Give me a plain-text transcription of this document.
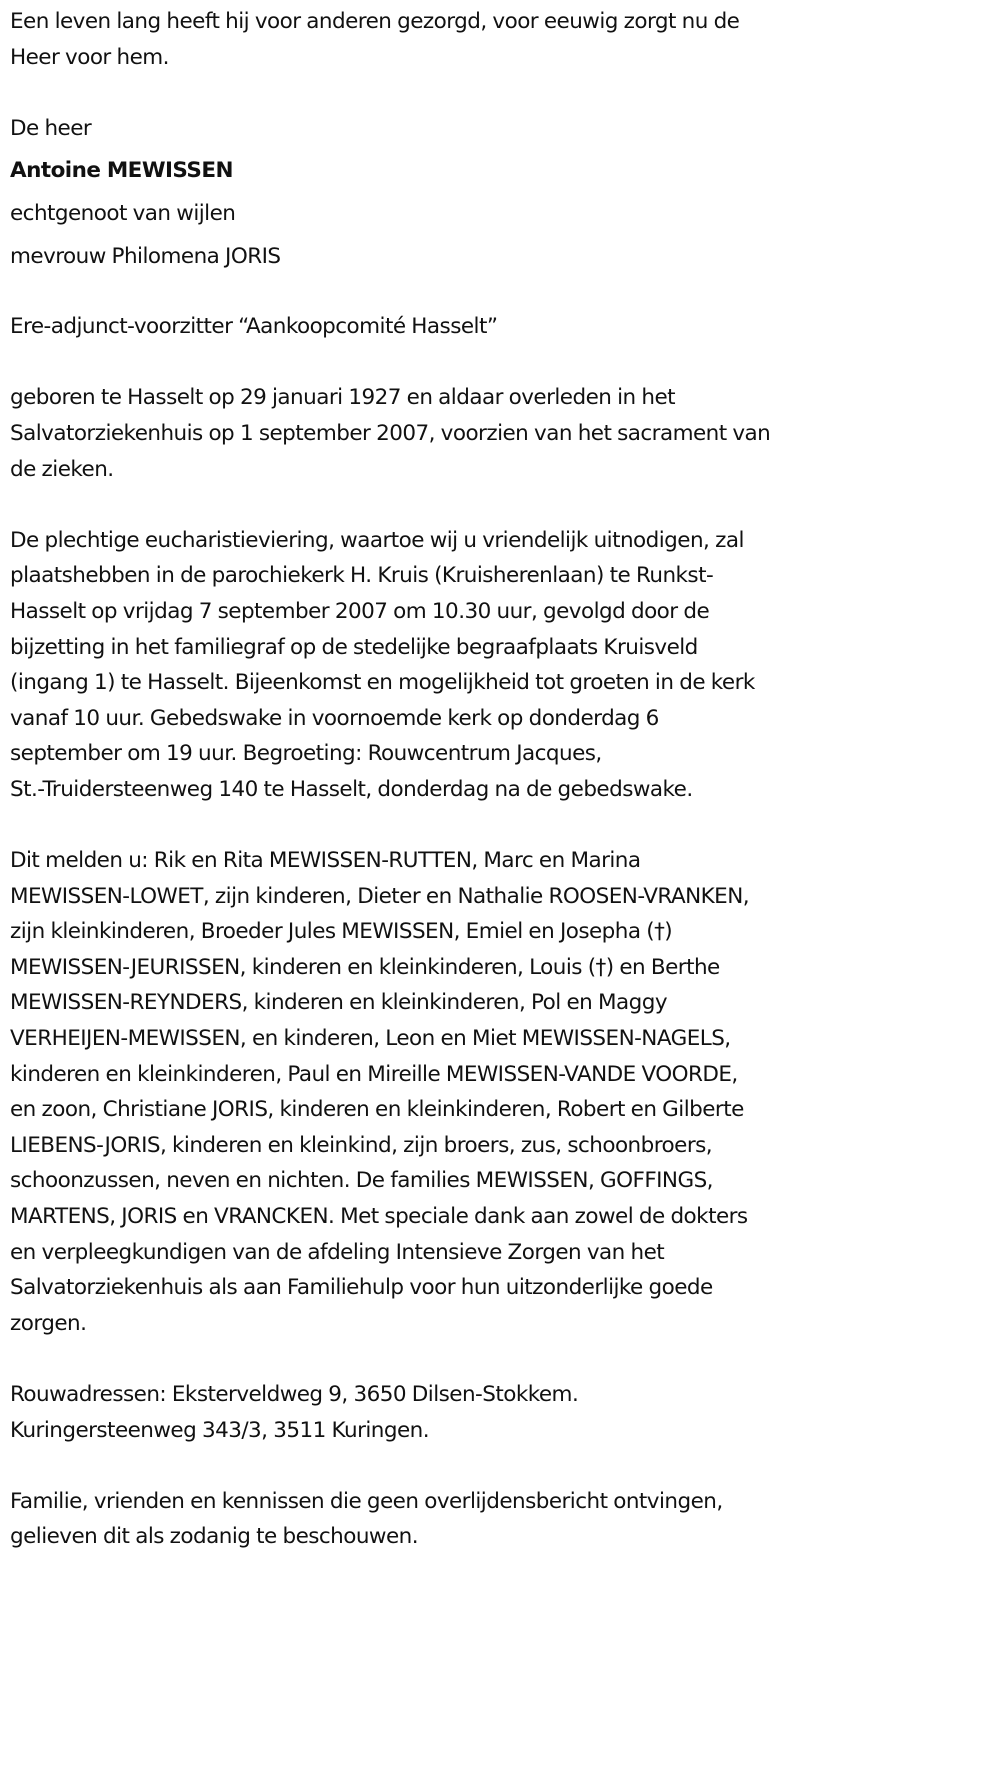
Een leven lang heeft hij voor anderen gezorgd, voor eeuwig zorgt nu de
Heer voor hem.

De heer
Antoine MEWISSEN
echtgenoot van wijlen
mevrouw Philomena JORIS

Ere-adjunct-voorzitter “Aankoopcomité Hasselt”

geboren te Hasselt op 29 januari 1927 en aldaar overleden in het
Salvatorziekenhuis op 1 september 2007, voorzien van het sacrament van
de zieken.

De plechtige eucharistieviering, waartoe wij u vriendelijk uitnodigen, zal
plaatshebben in de parochiekerk H. Kruis (Kruisherenlaan) te Runkst-
Hasselt op vrijdag 7 september 2007 om 10.30 uur, gevolgd door de
bijzetting in het familiegraf op de stedelijke begraafplaats Kruisveld
(ingang 1) te Hasselt. Bijeenkomst en mogelijkheid tot groeten in de kerk
vanaf 10 uur. Gebedswake in voornoemde kerk op donderdag 6
september om 19 uur. Begroeting: Rouwcentrum Jacques,
St.-Truidersteenweg 140 te Hasselt, donderdag na de gebedswake.

Dit melden u: Rik en Rita MEWISSEN-RUTTEN, Marc en Marina
MEWISSEN-LOWET, zijn kinderen, Dieter en Nathalie ROOSEN-VRANKEN,
zijn kleinkinderen, Broeder Jules MEWISSEN, Emiel en Josepha (†)
MEWISSEN-JEURISSEN, kinderen en kleinkinderen, Louis (†) en Berthe
MEWISSEN-REYNDERS, kinderen en kleinkinderen, Pol en Maggy
VERHEIJEN-MEWISSEN, en kinderen, Leon en Miet MEWISSEN-NAGELS,
kinderen en kleinkinderen, Paul en Mireille MEWISSEN-VANDE VOORDE,
en zoon, Christiane JORIS, kinderen en kleinkinderen, Robert en Gilberte
LIEBENS-JORIS, kinderen en kleinkind, zijn broers, zus, schoonbroers,
schoonzussen, neven en nichten. De families MEWISSEN, GOFFINGS,
MARTENS, JORIS en VRANCKEN. Met speciale dank aan zowel de dokters
en verpleegkundigen van de afdeling Intensieve Zorgen van het
Salvatorziekenhuis als aan Familiehulp voor hun uitzonderlijke goede
zorgen.

Rouwadressen: Eksterveldweg 9, 3650 Dilsen-Stokkem.
Kuringersteenweg 343/3, 3511 Kuringen.

Familie, vrienden en kennissen die geen overlijdensbericht ontvingen,
gelieven dit als zodanig te beschouwen.
